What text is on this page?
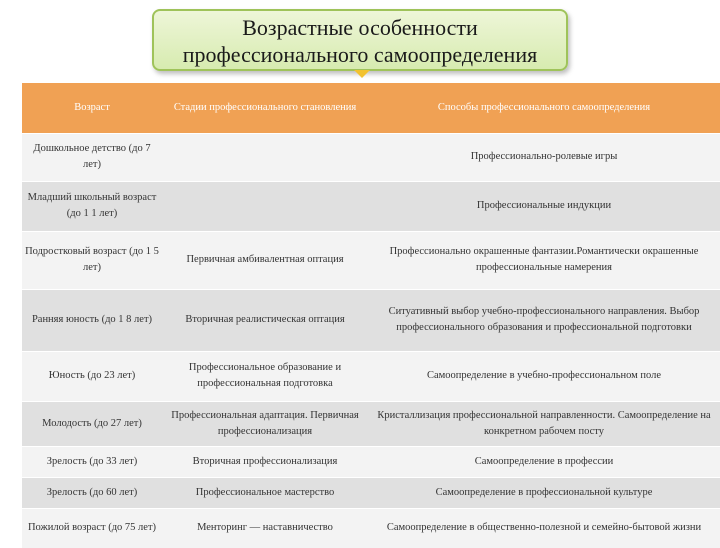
Возрастные особенности
профессионального самоопределения
Возраст	Стадии профессионального становления	Способы профессионального самоопределения
Дошкольное детство (до 7 лет)		Профессионально-ролевые игры
Младший школьный возраст (до 1 1 лет)		Профессиональные индукции
Подростковый возраст (до 1 5 лет)	Первичная амбивалентная оптация	Профессионально окрашенные фантазии.Романтически окрашенные профессиональные намерения
Ранняя юность (до 1 8 лет)	Вторичная реалистическая оптация	Ситуативный выбор учебно-профессионального направления. Выбор профессионального образования и профессиональной подготовки
Юность (до 23 лет)	Профессиональное образование и профессиональная подготовка	Самоопределение в учебно-профессиональном поле
Молодость (до 27 лет)	Профессиональная адаптация. Первичная профессионализация	Кристаллизация профессиональной направленности. Самоопределение на конкретном рабочем посту
Зрелость (до 33 лет)	Вторичная профессионализация	Самоопределение в профессии
Зрелость (до 60 лет)	Профессиональное мастерство	Самоопределение в профессиональной культуре
Пожилой возраст (до 75 лет)	Менторинг — наставничество	Самоопределение в общественно-полезной и семейно-бытовой жизни
